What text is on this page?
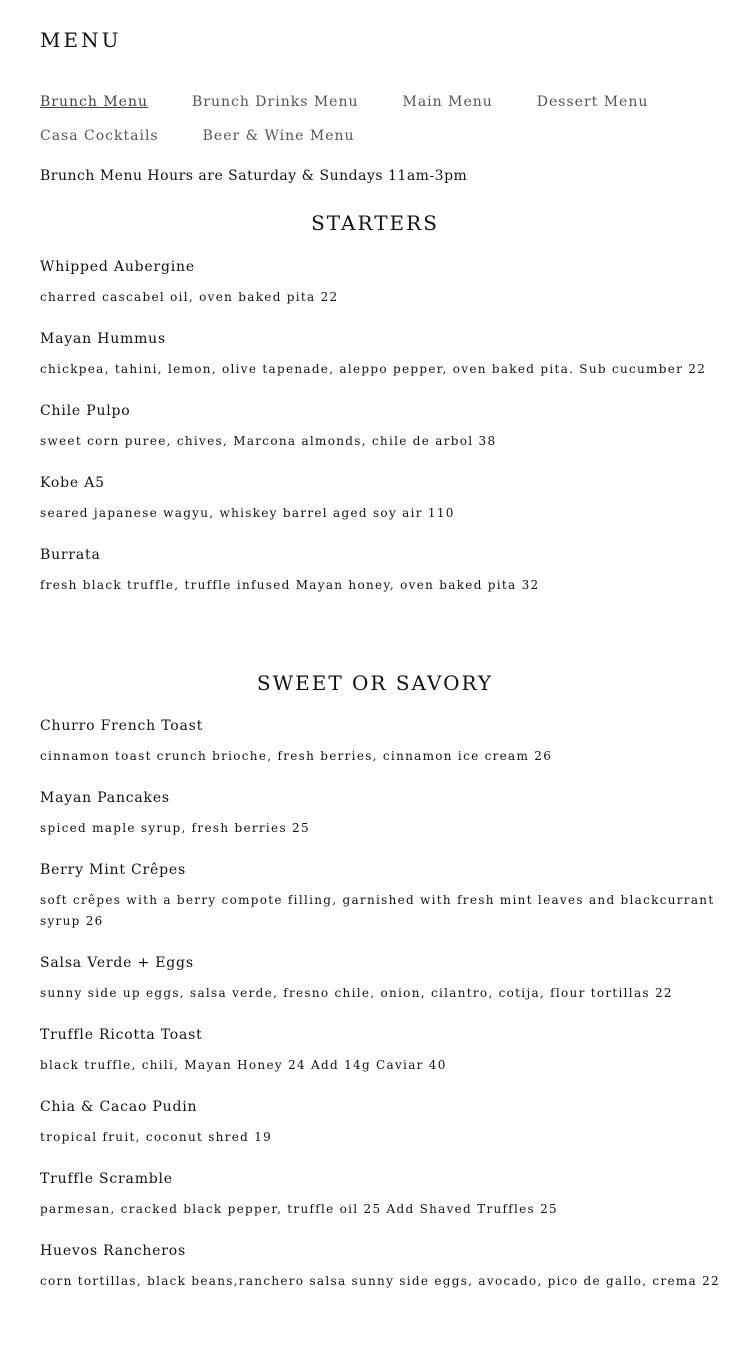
MENU
Brunch Menu	Brunch Drinks Menu	Main Menu	Dessert Menu
Casa Cocktails	Beer & Wine Menu

Brunch Menu Hours are Saturday & Sundays 11am-3pm

STARTERS

Whipped Aubergine

charred cascabel oil, oven baked pita 22

Mayan Hummus

chickpea, tahini, lemon, olive tapenade, aleppo pepper, oven baked pita. Sub cucumber 22

Chile Pulpo

sweet corn puree, chives, Marcona almonds, chile de arbol 38

Kobe A5

seared japanese wagyu, whiskey barrel aged soy air 110

Burrata

fresh black truffle, truffle infused Mayan honey, oven baked pita 32

SWEET OR SAVORY

Churro French Toast

cinnamon toast crunch brioche, fresh berries, cinnamon ice cream 26

Mayan Pancakes

spiced maple syrup, fresh berries 25

Berry Mint Crêpes

soft crêpes with a berry compote filling, garnished with fresh mint leaves and blackcurrant syrup 26

Salsa Verde + Eggs

sunny side up eggs, salsa verde, fresno chile, onion, cilantro, cotija, flour tortillas 22

Truffle Ricotta Toast

black truffle, chili, Mayan Honey 24 Add 14g Caviar 40

Chia & Cacao Pudin

tropical fruit, coconut shred 19

Truffle Scramble

parmesan, cracked black pepper, truffle oil 25 Add Shaved Truffles 25

Huevos Rancheros

corn tortillas, black beans,ranchero salsa sunny side eggs, avocado, pico de gallo, crema 22
